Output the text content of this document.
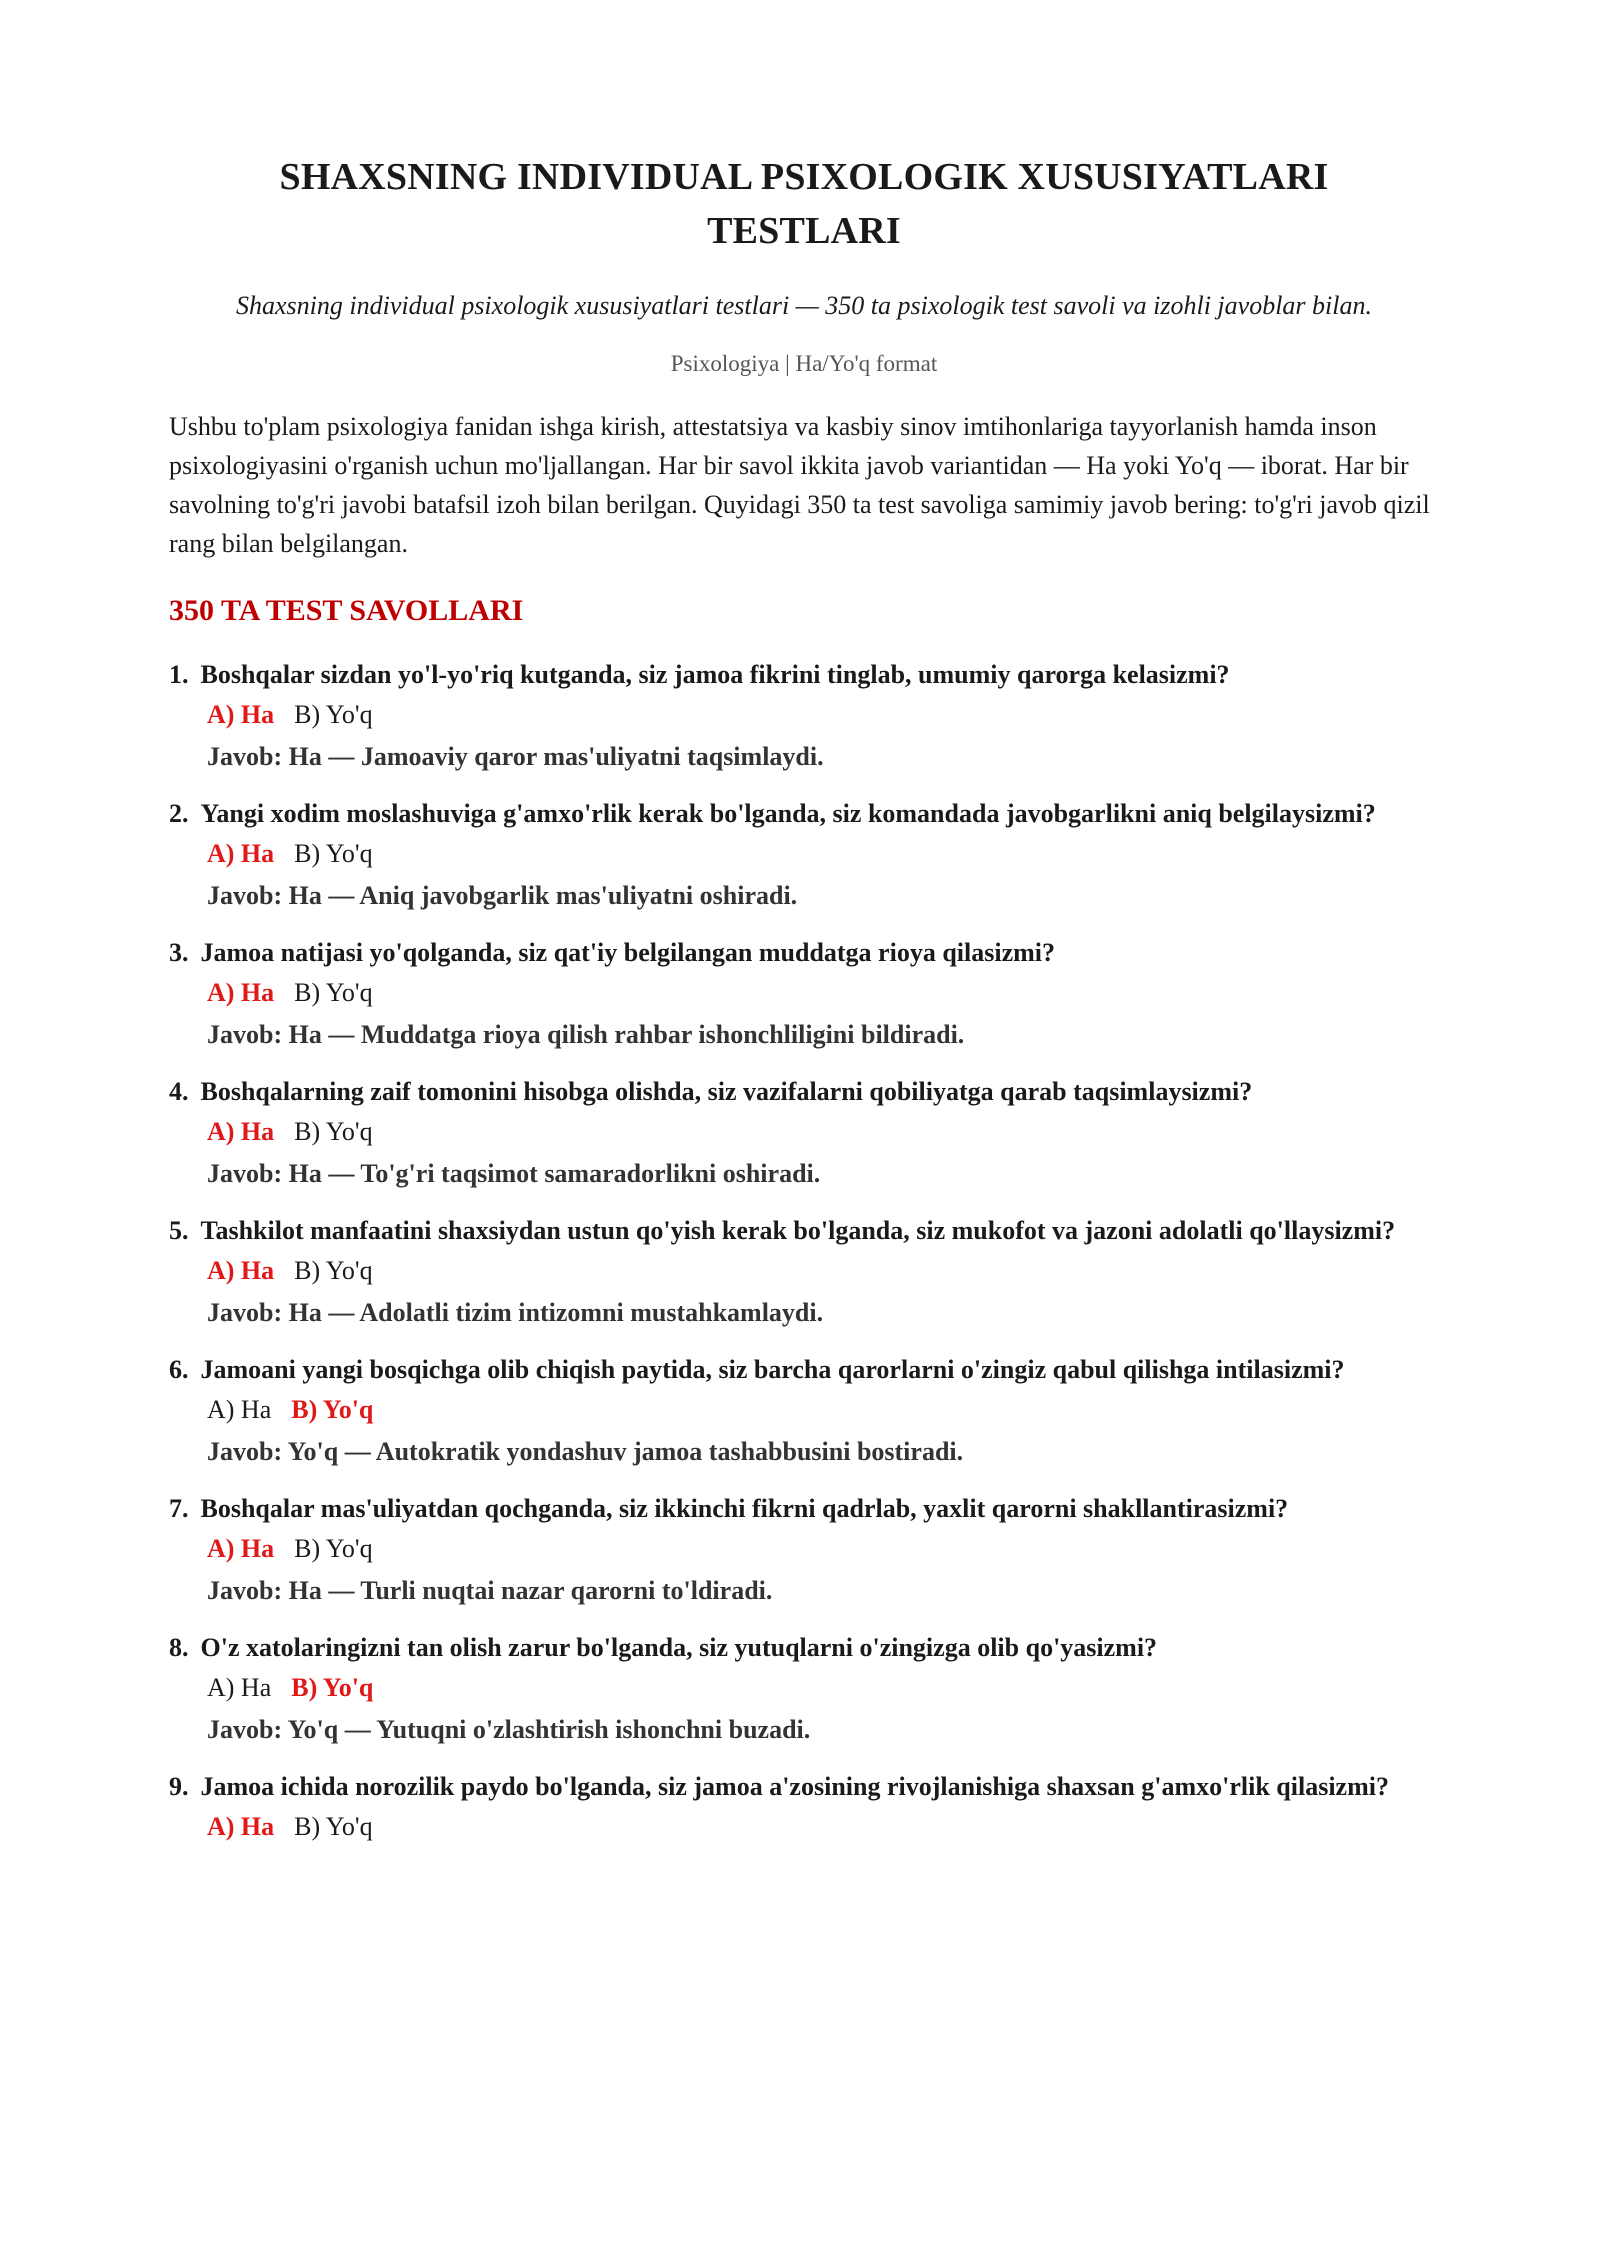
SHAXSNING INDIVIDUAL PSIXOLOGIK XUSUSIYATLARI TESTLARI

Shaxsning individual psixologik xususiyatlari testlari — 350 ta psixologik test savoli va izohli javoblar bilan.

Psixologiya | Ha/Yo'q format

Ushbu to'plam psixologiya fanidan ishga kirish, attestatsiya va kasbiy sinov imtihonlariga tayyorlanish hamda inson psixologiyasini o'rganish uchun mo'ljallangan. Har bir savol ikkita javob variantidan — Ha yoki Yo'q — iborat. Har bir savolning to'g'ri javobi batafsil izoh bilan berilgan. Quyidagi 350 ta test savoliga samimiy javob bering: to'g'ri javob qizil rang bilan belgilangan.

350 TA TEST SAVOLLARI
1. Boshqalar sizdan yo'l-yo'riq kutganda, siz jamoa fikrini tinglab, umumiy qarorga kelasizmi?
A) Ha B) Yo'q
Javob: Ha — Jamoaviy qaror mas'uliyatni taqsimlaydi.
2. Yangi xodim moslashuviga g'amxo'rlik kerak bo'lganda, siz komandada javobgarlikni aniq belgilaysizmi?
A) Ha B) Yo'q
Javob: Ha — Aniq javobgarlik mas'uliyatni oshiradi.
3. Jamoa natijasi yo'qolganda, siz qat'iy belgilangan muddatga rioya qilasizmi?
A) Ha B) Yo'q
Javob: Ha — Muddatga rioya qilish rahbar ishonchliligini bildiradi.
4. Boshqalarning zaif tomonini hisobga olishda, siz vazifalarni qobiliyatga qarab taqsimlaysizmi?
A) Ha B) Yo'q
Javob: Ha — To'g'ri taqsimot samaradorlikni oshiradi.
5. Tashkilot manfaatini shaxsiydan ustun qo'yish kerak bo'lganda, siz mukofot va jazoni adolatli qo'llaysizmi?
A) Ha B) Yo'q
Javob: Ha — Adolatli tizim intizomni mustahkamlaydi.
6. Jamoani yangi bosqichga olib chiqish paytida, siz barcha qarorlarni o'zingiz qabul qilishga intilasizmi?
A) Ha B) Yo'q
Javob: Yo'q — Autokratik yondashuv jamoa tashabbusini bostiradi.
7. Boshqalar mas'uliyatdan qochganda, siz ikkinchi fikrni qadrlab, yaxlit qarorni shakllantirasizmi?
A) Ha B) Yo'q
Javob: Ha — Turli nuqtai nazar qarorni to'ldiradi.
8. O'z xatolaringizni tan olish zarur bo'lganda, siz yutuqlarni o'zingizga olib qo'yasizmi?
A) Ha B) Yo'q
Javob: Yo'q — Yutuqni o'zlashtirish ishonchni buzadi.
9. Jamoa ichida norozilik paydo bo'lganda, siz jamoa a'zosining rivojlanishiga shaxsan g'amxo'rlik qilasizmi?
A) Ha B) Yo'q
